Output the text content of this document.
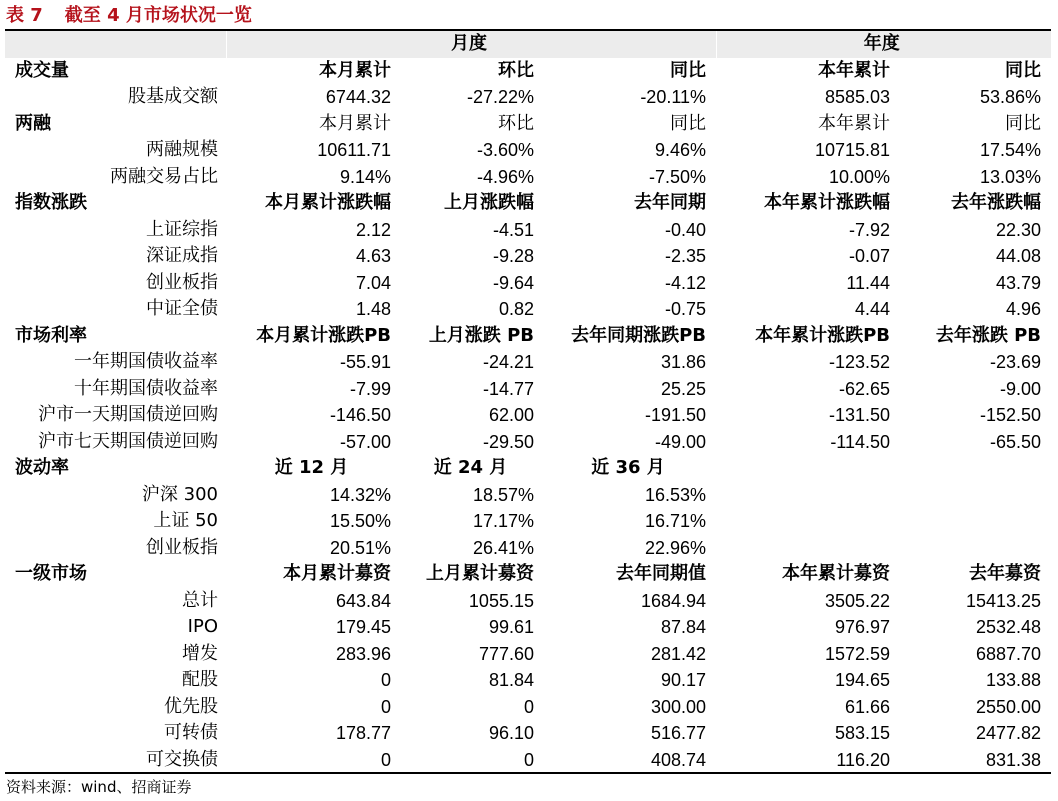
表 7 截至 4 月市场状况一览
	月度			年度	
成交量	本月累计	环比	同比	本年累计	同比
股基成交额	6744.32	-27.22%	-20.11%	8585.03	53.86%
两融	本月累计	环比	同比	本年累计	同比
两融规模	10611.71	-3.60%	9.46%	10715.81	17.54%
两融交易占比	9.14%	-4.96%	-7.50%	10.00%	13.03%
指数涨跌	本月累计涨跌幅	上月涨跌幅	去年同期	本年累计涨跌幅	去年涨跌幅
上证综指	2.12	-4.51	-0.40	-7.92	22.30
深证成指	4.63	-9.28	-2.35	-0.07	44.08
创业板指	7.04	-9.64	-4.12	11.44	43.79
中证全债	1.48	0.82	-0.75	4.44	4.96
市场利率	本月累计涨跌PB	上月涨跌 PB	去年同期涨跌PB	本年累计涨跌PB	去年涨跌 PB
一年期国债收益率	-55.91	-24.21	31.86	-123.52	-23.69
十年期国债收益率	-7.99	-14.77	25.25	-62.65	-9.00
沪市一天期国债逆回购	-146.50	62.00	-191.50	-131.50	-152.50
沪市七天期国债逆回购	-57.00	-29.50	-49.00	-114.50	-65.50
波动率	近 12 月	近 24 月	近 36 月		
沪深 300	14.32%	18.57%	16.53%		
上证 50	15.50%	17.17%	16.71%		
创业板指	20.51%	26.41%	22.96%		
一级市场	本月累计募资	上月累计募资	去年同期值	本年累计募资	去年募资
总计	643.84	1055.15	1684.94	3505.22	15413.25
IPO	179.45	99.61	87.84	976.97	2532.48
增发	283.96	777.60	281.42	1572.59	6887.70
配股	0	81.84	90.17	194.65	133.88
优先股	0	0	300.00	61.66	2550.00
可转债	178.77	96.10	516.77	583.15	2477.82
可交换债	0	0	408.74	116.20	831.38
资料来源：wind、招商证券
